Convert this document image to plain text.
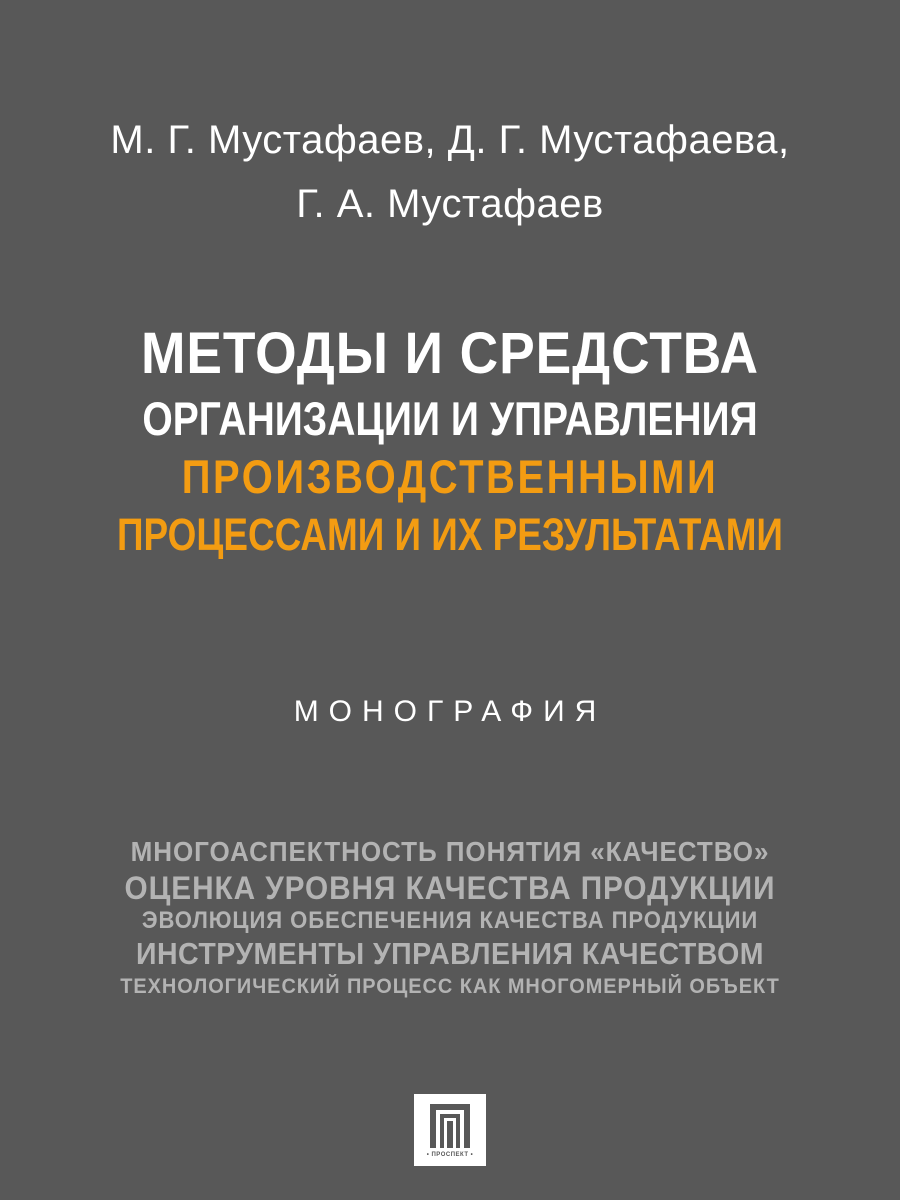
М. Г. Мустафаев, Д. Г. Мустафаева,
Г. А. Мустафаев
МЕТОДЫ И СРЕДСТВА
ОРГАНИЗАЦИИ И УПРАВЛЕНИЯ
ПРОИЗВОДСТВЕННЫМИ
ПРОЦЕССАМИ И ИХ РЕЗУЛЬТАТАМИ
МОНОГРАФИЯ
МНОГОАСПЕКТНОСТЬ ПОНЯТИЯ «КАЧЕСТВО»
ОЦЕНКА УРОВНЯ КАЧЕСТВА ПРОДУКЦИИ
ЭВОЛЮЦИЯ ОБЕСПЕЧЕНИЯ КАЧЕСТВА ПРОДУКЦИИ
ИНСТРУМЕНТЫ УПРАВЛЕНИЯ КАЧЕСТВОМ
ТЕХНОЛОГИЧЕСКИЙ ПРОЦЕСС КАК МНОГОМЕРНЫЙ ОБЪЕКТ
• ПРОСПЕКТ •
